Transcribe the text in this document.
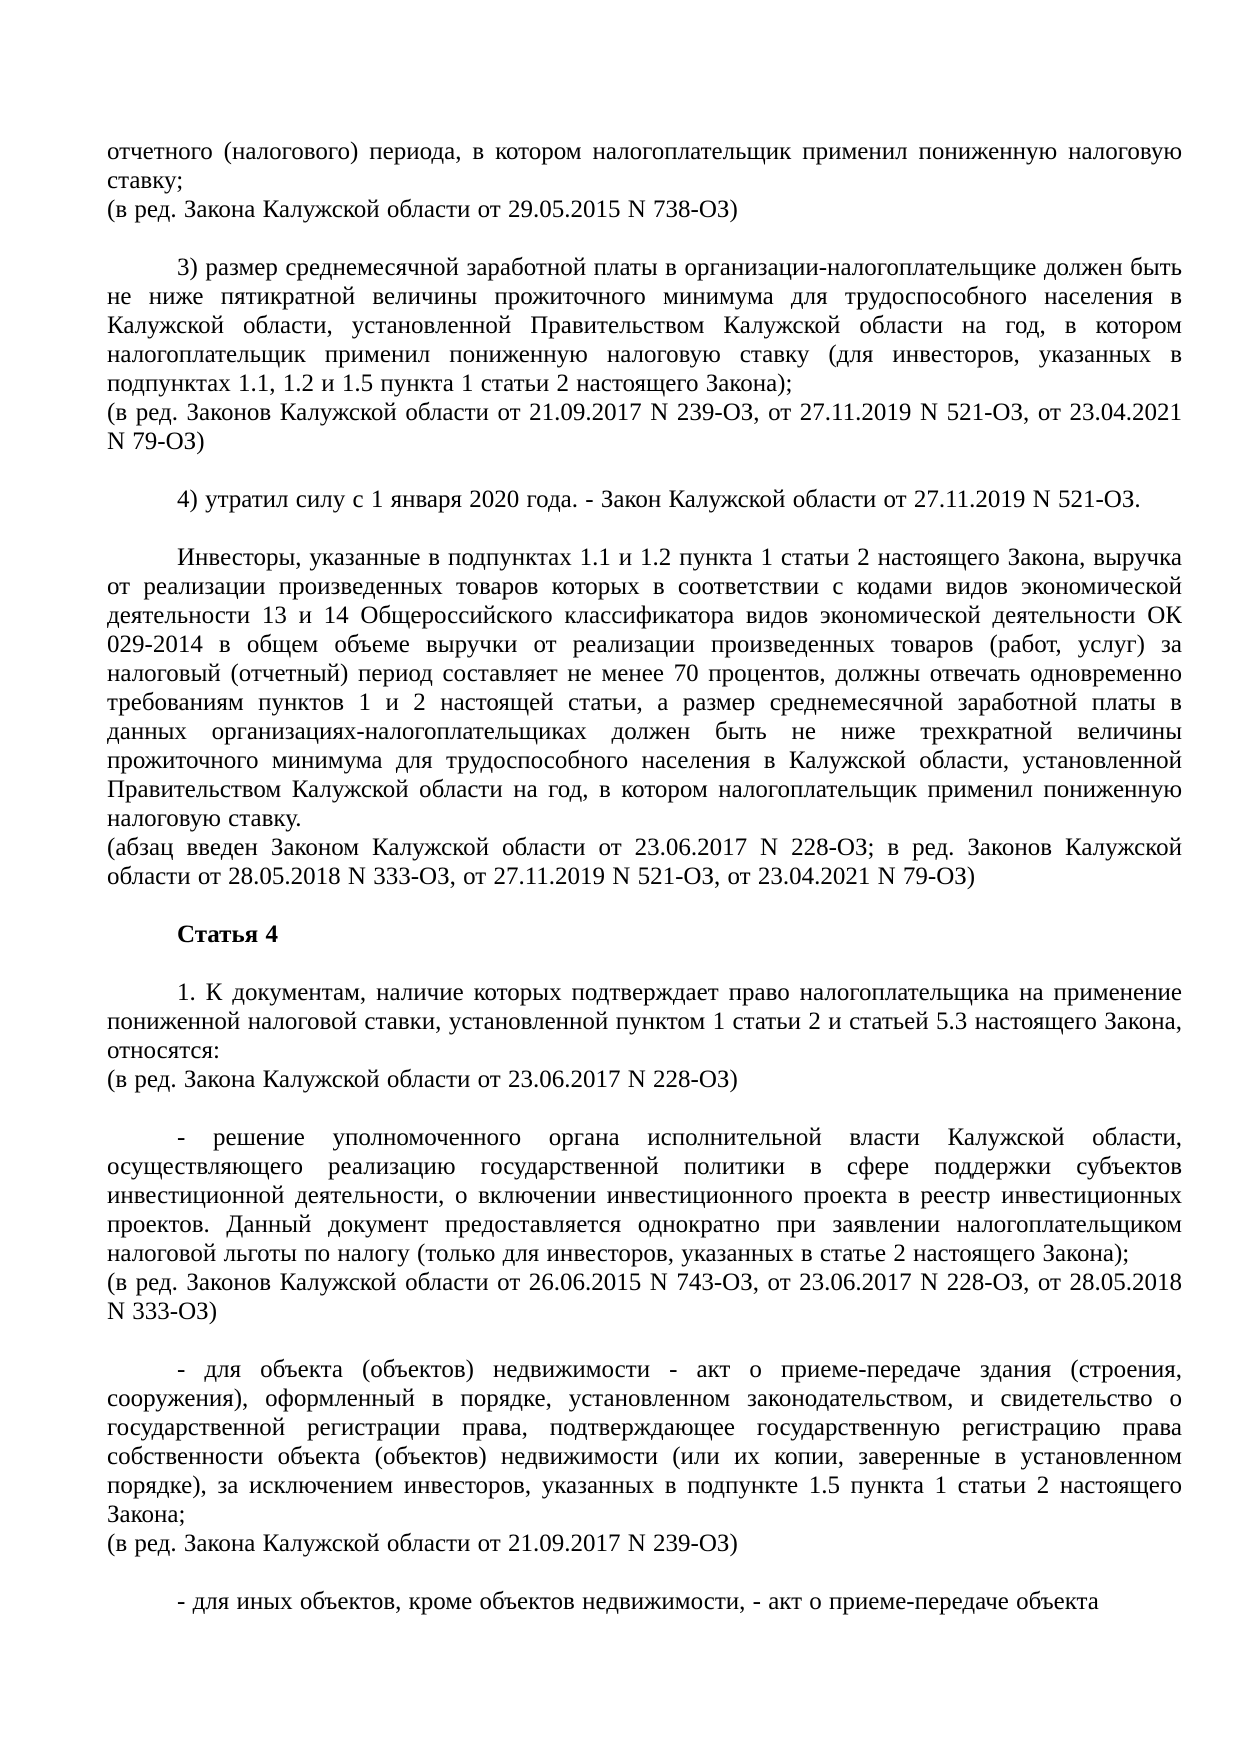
отчетного (налогового) периода, в котором налогоплательщик применил пониженную налоговую ставку;

(в ред. Закона Калужской области от 29.05.2015 N 738-ОЗ)

3) размер среднемесячной заработной платы в организации-налогоплательщике должен быть не ниже пятикратной величины прожиточного минимума для трудоспособного населения в Калужской области, установленной Правительством Калужской области на год, в котором налогоплательщик применил пониженную налоговую ставку (для инвесторов, указанных в подпунктах 1.1, 1.2 и 1.5 пункта 1 статьи 2 настоящего Закона);

(в ред. Законов Калужской области от 21.09.2017 N 239-ОЗ, от 27.11.2019 N 521-ОЗ, от 23.04.2021 N 79-ОЗ)

4) утратил силу с 1 января 2020 года. - Закон Калужской области от 27.11.2019 N 521-ОЗ.

Инвесторы, указанные в подпунктах 1.1 и 1.2 пункта 1 статьи 2 настоящего Закона, выручка от реализации произведенных товаров которых в соответствии с кодами видов экономической деятельности 13 и 14 Общероссийского классификатора видов экономической деятельности ОК 029-2014 в общем объеме выручки от реализации произведенных товаров (работ, услуг) за налоговый (отчетный) период составляет не менее 70 процентов, должны отвечать одновременно требованиям пунктов 1 и 2 настоящей статьи, а размер среднемесячной заработной платы в данных организациях-налогоплательщиках должен быть не ниже трехкратной величины прожиточного минимума для трудоспособного населения в Калужской области, установленной Правительством Калужской области на год, в котором налогоплательщик применил пониженную налоговую ставку.

(абзац введен Законом Калужской области от 23.06.2017 N 228-ОЗ; в ред. Законов Калужской области от 28.05.2018 N 333-ОЗ, от 27.11.2019 N 521-ОЗ, от 23.04.2021 N 79-ОЗ)

Статья 4

1. К документам, наличие которых подтверждает право налогоплательщика на применение пониженной налоговой ставки, установленной пунктом 1 статьи 2 и статьей 5.3 настоящего Закона, относятся:

(в ред. Закона Калужской области от 23.06.2017 N 228-ОЗ)

- решение уполномоченного органа исполнительной власти Калужской области, осуществляющего реализацию государственной политики в сфере поддержки субъектов инвестиционной деятельности, о включении инвестиционного проекта в реестр инвестиционных проектов. Данный документ предоставляется однократно при заявлении налогоплательщиком налоговой льготы по налогу (только для инвесторов, указанных в статье 2 настоящего Закона);

(в ред. Законов Калужской области от 26.06.2015 N 743-ОЗ, от 23.06.2017 N 228-ОЗ, от 28.05.2018 N 333-ОЗ)

- для объекта (объектов) недвижимости - акт о приеме-передаче здания (строения, сооружения), оформленный в порядке, установленном законодательством, и свидетельство о государственной регистрации права, подтверждающее государственную регистрацию права собственности объекта (объектов) недвижимости (или их копии, заверенные в установленном порядке), за исключением инвесторов, указанных в подпункте 1.5 пункта 1 статьи 2 настоящего Закона;

(в ред. Закона Калужской области от 21.09.2017 N 239-ОЗ)

- для иных объектов, кроме объектов недвижимости, - акт о приеме-передаче объекта
